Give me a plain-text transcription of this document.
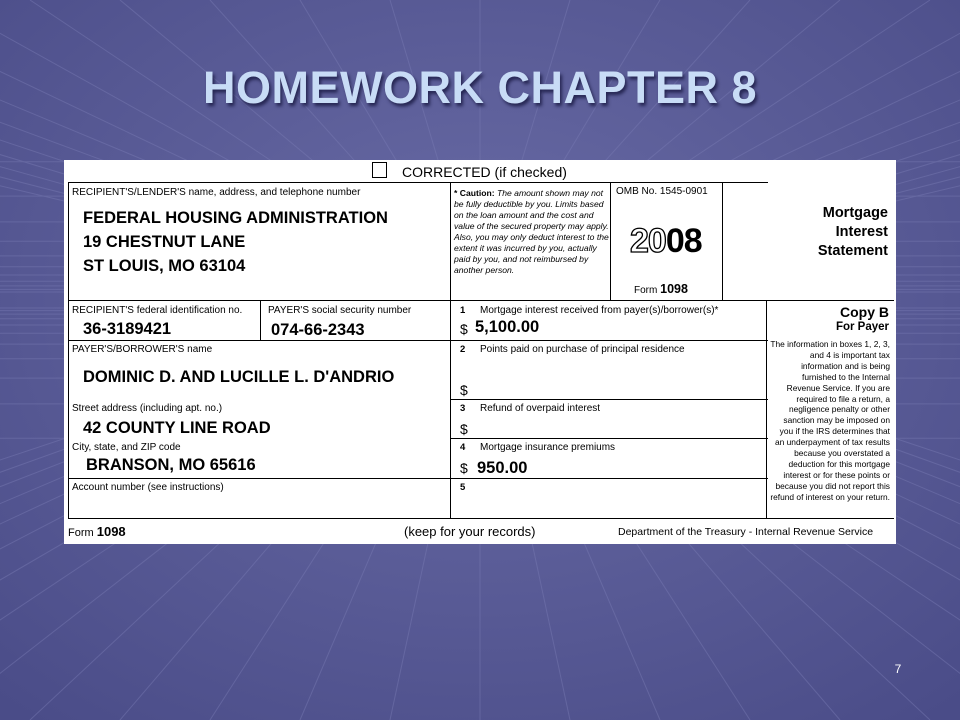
HOMEWORK CHAPTER 8
CORRECTED (if checked)
RECIPIENT'S/LENDER'S name, address, and telephone number
FEDERAL HOUSING ADMINISTRATION
19 CHESTNUT LANE
ST LOUIS, MO 63104
* Caution: The amount shown may not be fully deductible by you. Limits based on the loan amount and the cost and value of the secured property may apply. Also, you may only deduct interest to the extent it was incurred by you, actually paid by you, and not reimbursed by another person.
OMB No. 1545-0901
2008
Form 1098
Mortgage
Interest
Statement
RECIPIENT'S federal identification no.
36-3189421
PAYER'S social security number
074-66-2343
PAYER'S/BORROWER'S name
DOMINIC D. AND LUCILLE L. D'ANDRIO
Street address (including apt. no.)
42 COUNTY LINE ROAD
City, state, and ZIP code
BRANSON, MO 65616
Account number (see instructions)
1 Mortgage interest received from payer(s)/borrower(s)*
$ 5,100.00
2 Points paid on purchase of principal residence
$
3 Refund of overpaid interest
$
4 Mortgage insurance premiums
$ 950.00
5
Copy B
For Payer
The information in boxes 1, 2, 3, and 4 is important tax information and is being furnished to the Internal Revenue Service. If you are required to file a return, a negligence penalty or other sanction may be imposed on you if the IRS determines that an underpayment of tax results because you overstated a deduction for this mortgage interest or for these points or because you did not report this refund of interest on your return.
Form 1098	(keep for your records)	Department of the Treasury - Internal Revenue Service
7
